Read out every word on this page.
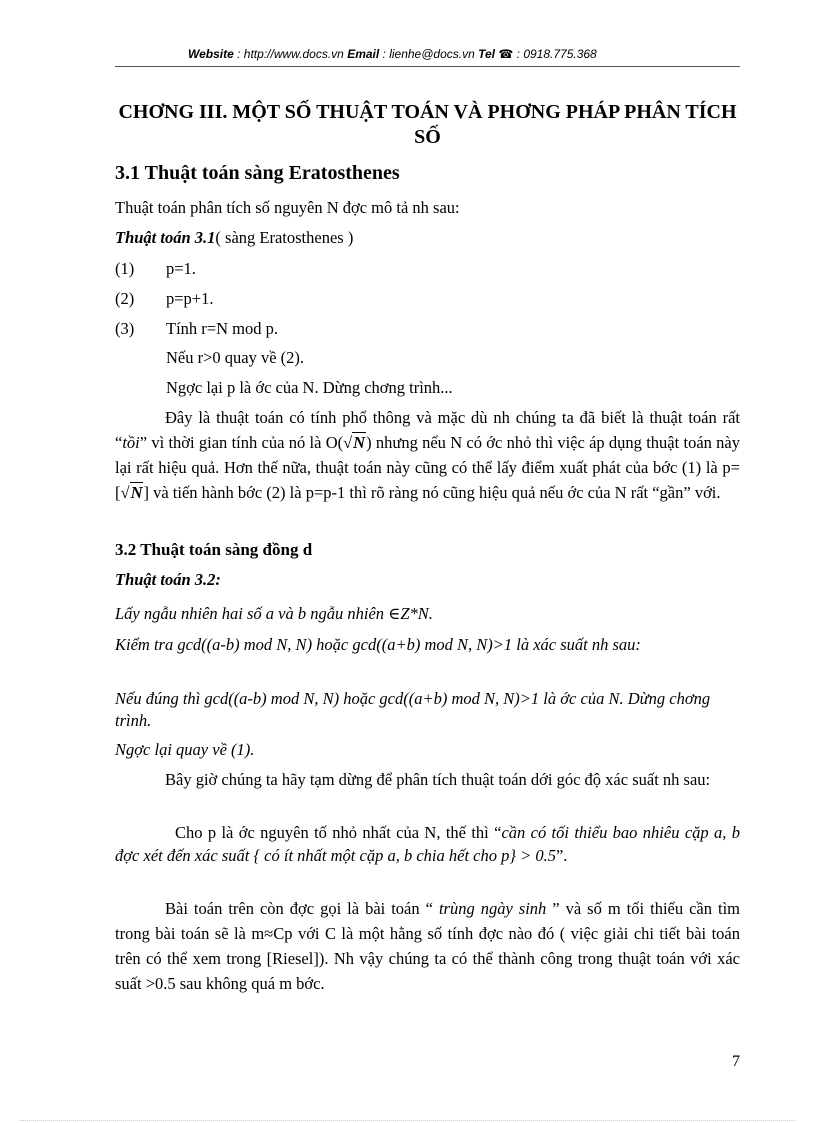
Website : http://www.docs.vn Email : lienhe@docs.vn Tel ☎ : 0918.775.368
CHƠNG III. MỘT SỐ THUẬT TOÁN VÀ PHƠNG PHÁP PHÂN TÍCH SỐ
3.1 Thuật toán sàng Eratosthenes
Thuật toán phân tích số nguyên N đợc mô tả nh sau:
Thuật toán 3.1( sàng Eratosthenes )
(1) p=1.
(2) p=p+1.
(3) Tính r=N mod p.
Nếu r>0 quay về (2).
Ngợc lại p là ớc của N. Dừng chơng trình...
Đây là thuật toán có tính phổ thông và mặc dù nh chúng ta đã biết là thuật toán rất “tồi” vì thời gian tính của nó là O(√N) nhưng nếu N có ớc nhỏ thì việc áp dụng thuật toán này lại rất hiệu quả. Hơn thế nữa, thuật toán này cũng có thể lấy điểm xuất phát của bớc (1) là p=[√N] và tiến hành bớc (2) là p=p-1 thì rõ ràng nó cũng hiệu quả nếu ớc của N rất “gần” với.
3.2 Thuật toán sàng đồng d
Thuật toán 3.2:
Lấy ngẫu nhiên hai số a và b ngẫu nhiên ∈Z*N.
Kiểm tra gcd((a-b) mod N, N) hoặc gcd((a+b) mod N, N)>1 là xác suất nh sau:
Nếu đúng thì gcd((a-b) mod N, N) hoặc gcd((a+b) mod N, N)>1 là ớc của N. Dừng chơng trình.
Ngợc lại quay về (1).
Bây giờ chúng ta hãy tạm dừng để phân tích thuật toán dới góc độ xác suất nh sau:
Cho p là ớc nguyên tố nhỏ nhất của N, thế thì “cần có tối thiểu bao nhiêu cặp a, b đợc xét đến xác suất { có ít nhất một cặp a, b chia hết cho p} > 0.5”.
Bài toán trên còn đợc gọi là bài toán “ trùng ngày sinh ” và số m tối thiểu cần tìm trong bài toán sẽ là m≈Cp với C là một hằng số tính đợc nào đó ( việc giải chi tiết bài toán trên có thể xem trong [Riesel]). Nh vậy chúng ta có thể thành công trong thuật toán với xác suất >0.5 sau không quá m bớc.
7
